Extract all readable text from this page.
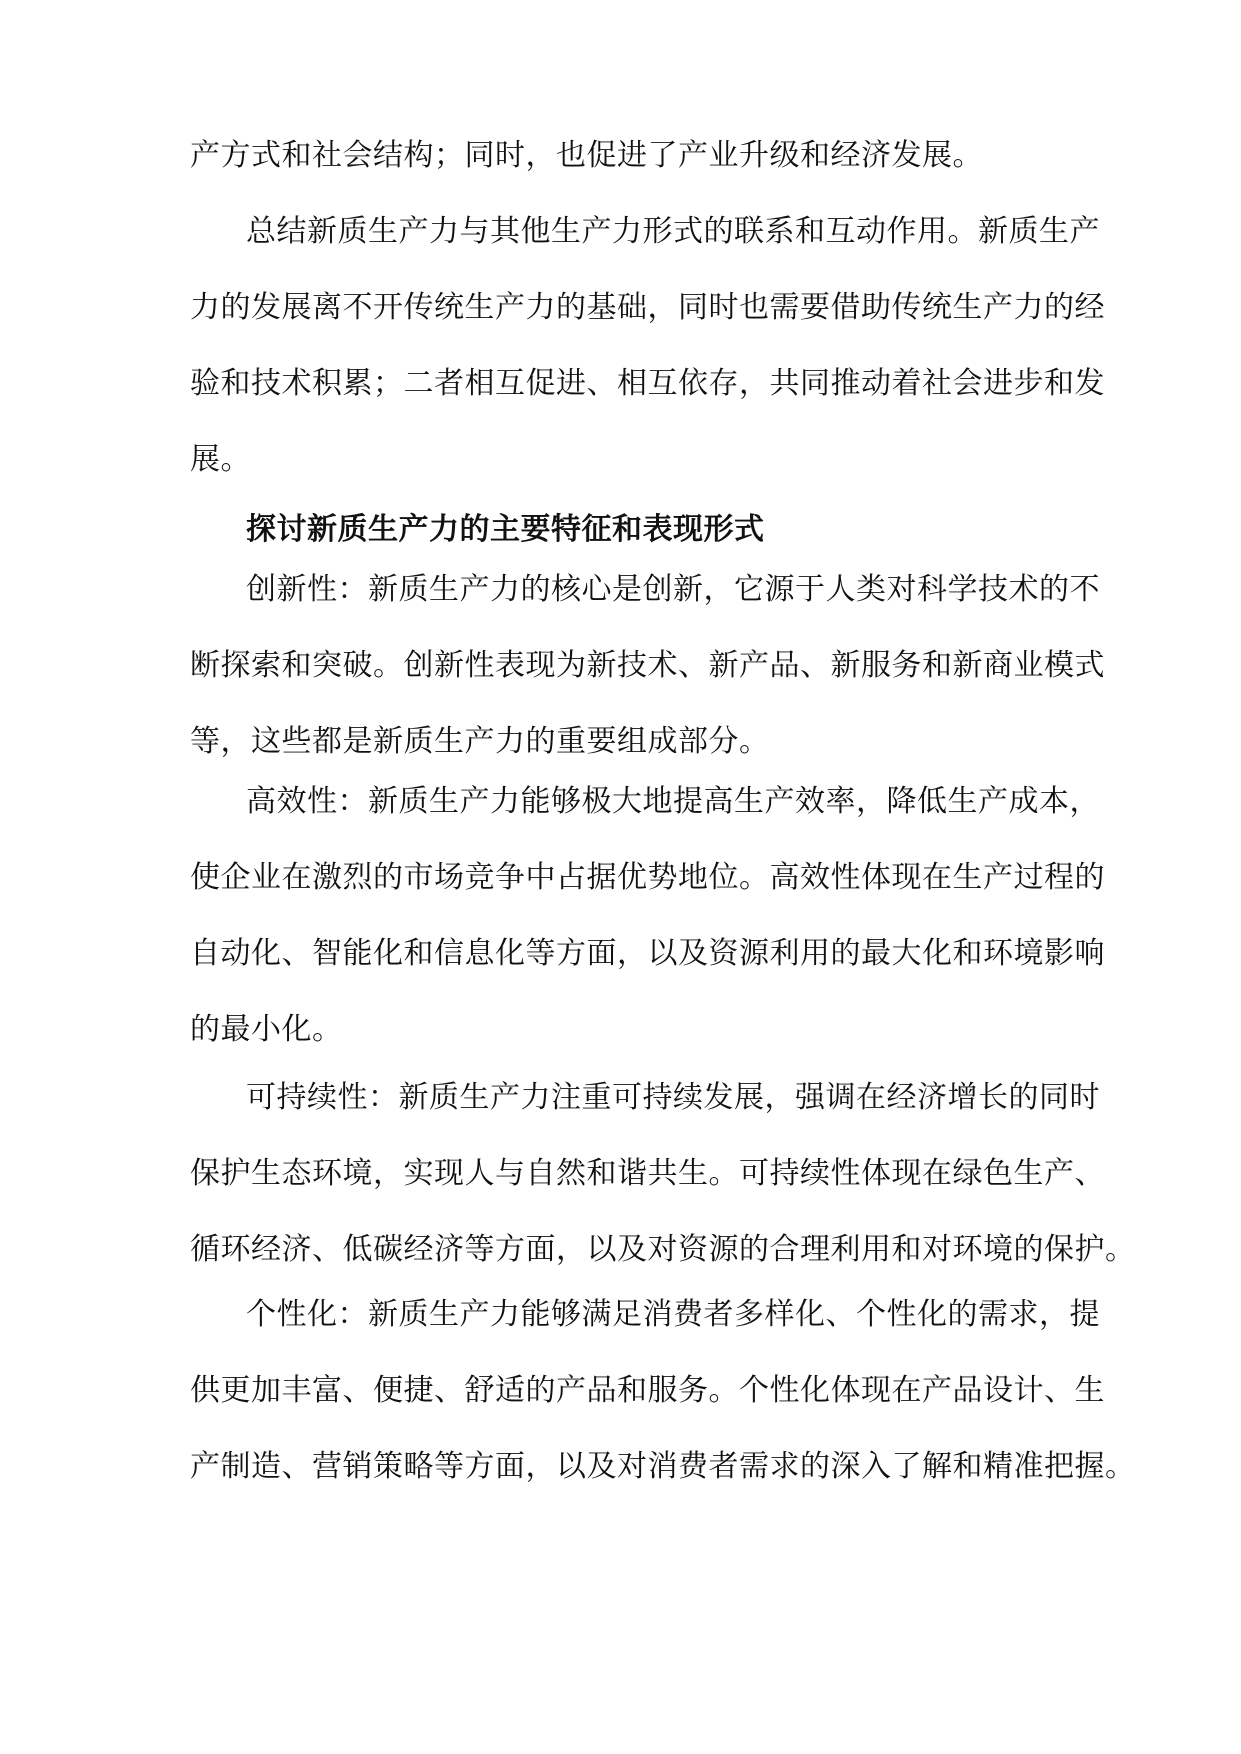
产方式和社会结构；同时，也促进了产业升级和经济发展。
总结新质生产力与其他生产力形式的联系和互动作用。新质生产
力的发展离不开传统生产力的基础，同时也需要借助传统生产力的经
验和技术积累；二者相互促进、相互依存，共同推动着社会进步和发
展。
探讨新质生产力的主要特征和表现形式
创新性：新质生产力的核心是创新，它源于人类对科学技术的不
断探索和突破。创新性表现为新技术、新产品、新服务和新商业模式
等，这些都是新质生产力的重要组成部分。
高效性：新质生产力能够极大地提高生产效率，降低生产成本，
使企业在激烈的市场竞争中占据优势地位。高效性体现在生产过程的
自动化、智能化和信息化等方面，以及资源利用的最大化和环境影响
的最小化。
可持续性：新质生产力注重可持续发展，强调在经济增长的同时
保护生态环境，实现人与自然和谐共生。可持续性体现在绿色生产、
循环经济、低碳经济等方面，以及对资源的合理利用和对环境的保护。
个性化：新质生产力能够满足消费者多样化、个性化的需求，提
供更加丰富、便捷、舒适的产品和服务。个性化体现在产品设计、生
产制造、营销策略等方面，以及对消费者需求的深入了解和精准把握。
